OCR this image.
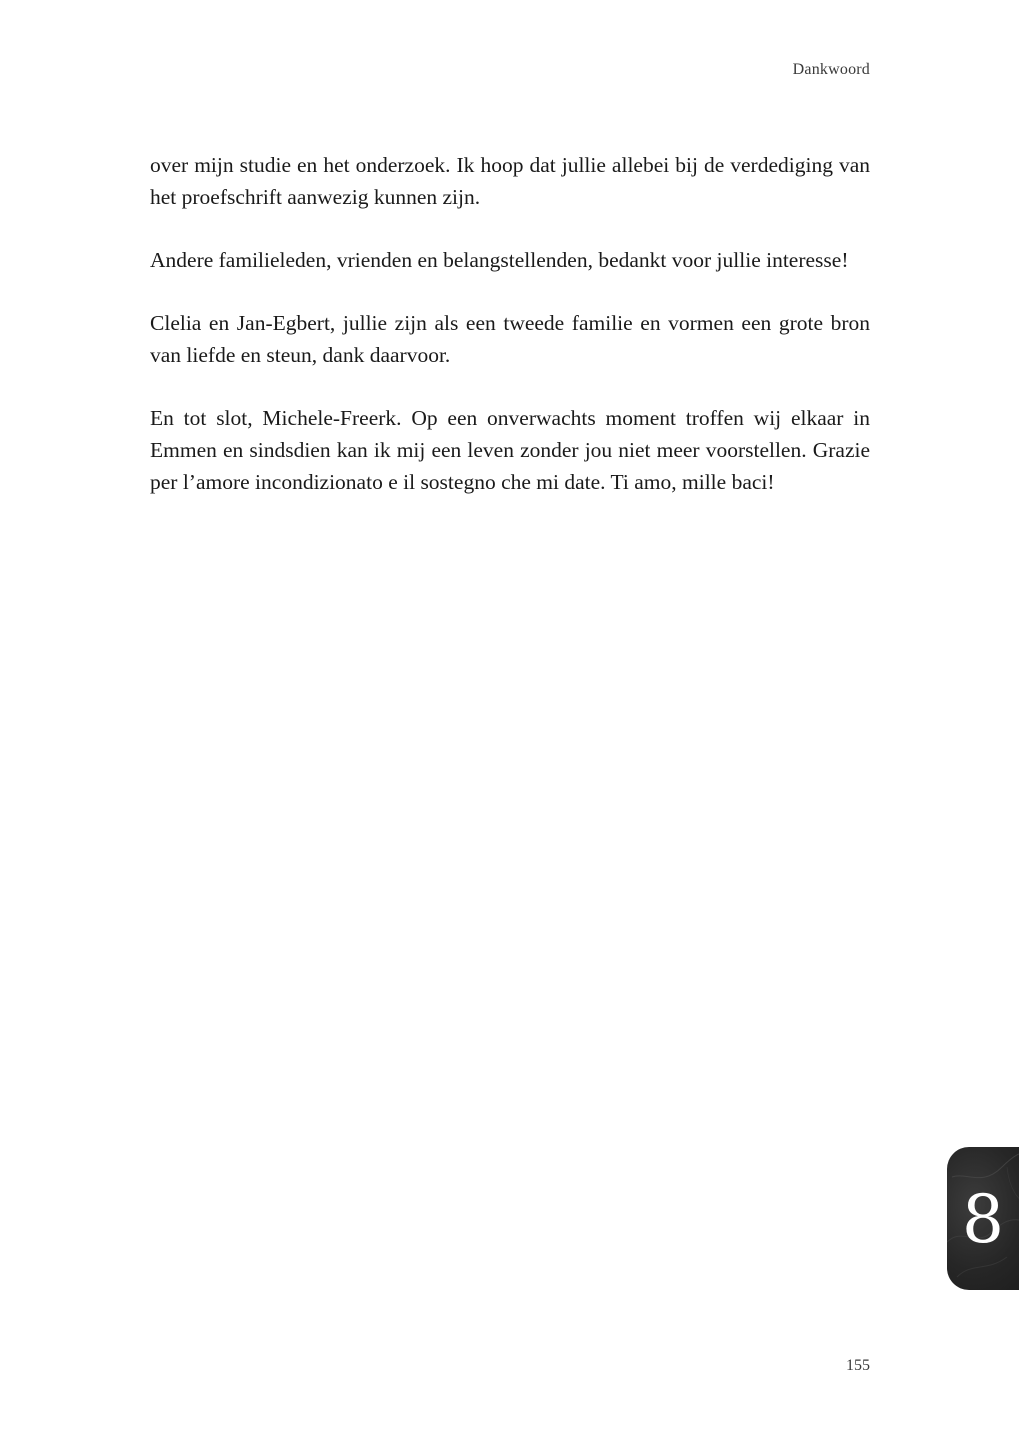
Dankwoord

over mijn studie en het onderzoek. Ik hoop dat jullie allebei bij de verdediging van het proefschrift aanwezig kunnen zijn.

Andere familieleden, vrienden en belangstellenden, bedankt voor jullie interesse!

Clelia en Jan-Egbert, jullie zijn als een tweede familie en vormen een grote bron van liefde en steun, dank daarvoor.

En tot slot, Michele-Freerk. Op een onverwachts moment troffen wij elkaar in Emmen en sindsdien kan ik mij een leven zonder jou niet meer voorstellen. Grazie per l’amore incondizionato e il sostegno che mi date. Ti amo, mille baci!

8
155
